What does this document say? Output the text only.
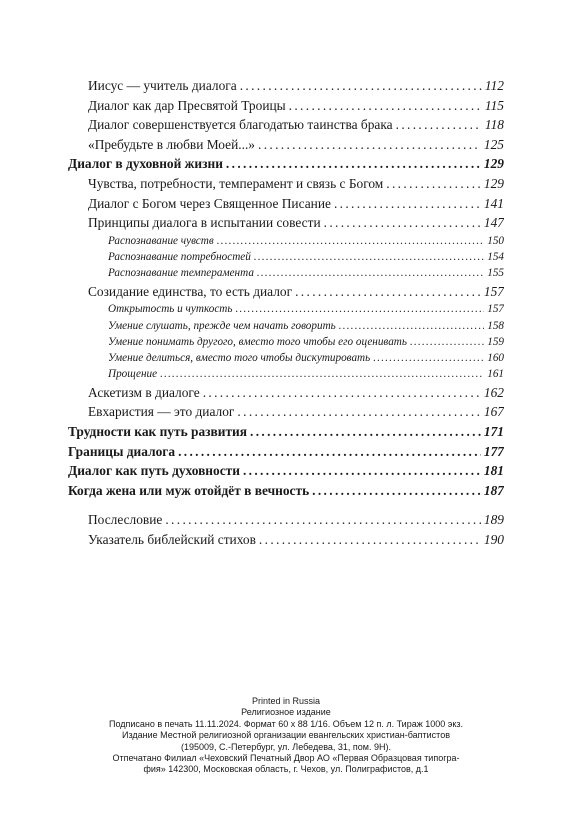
Иисус — учитель диалога . . .	112
Диалог как дар Пресвятой Троицы . . .	115
Диалог совершенствуется благодатью таинства брака . . .	118
«Пребудьте в любви Моей...» . . .	125
Диалог в духовной жизни . . .	129
Чувства, потребности, темперамент и связь с Богом . . .	129
Диалог с Богом через Священное Писание . . .	141
Принципы диалога в испытании совести . . .	147
Распознавание чувств . . .	150
Распознавание потребностей . . .	154
Распознавание темперамента . . .	155
Созидание единства, то есть диалог . . .	157
Открытость и чуткость . . .	157
Умение слушать, прежде чем начать говорить . . .	158
Умение понимать другого, вместо того чтобы его оценивать . . .	159
Умение делиться, вместо того чтобы дискутировать . . .	160
Прощение . . .	161
Аскетизм в диалоге . . .	162
Евхаристия — это диалог . . .	167
Трудности как путь развития . . .	171
Границы диалога . . .	177
Диалог как путь духовности . . .	181
Когда жена или муж отойдёт в вечность . . .	187
Послесловие . . .	189
Указатель библейский стихов . . .	190
Printed in Russia
Религиозное издание
Подписано в печать 11.11.2024. Формат 60 x 88 1/16. Объем 12 п. л. Тираж 1000 экз.
Издание Местной религиозной организации евангельских христиан-баптистов
(195009, С.-Петербург, ул. Лебедева, 31, пом. 9Н).
Отпечатано Филиал «Чеховский Печатный Двор АО «Первая Образцовая типогра-
фия» 142300, Московская область, г. Чехов, ул. Полиграфистов, д.1
